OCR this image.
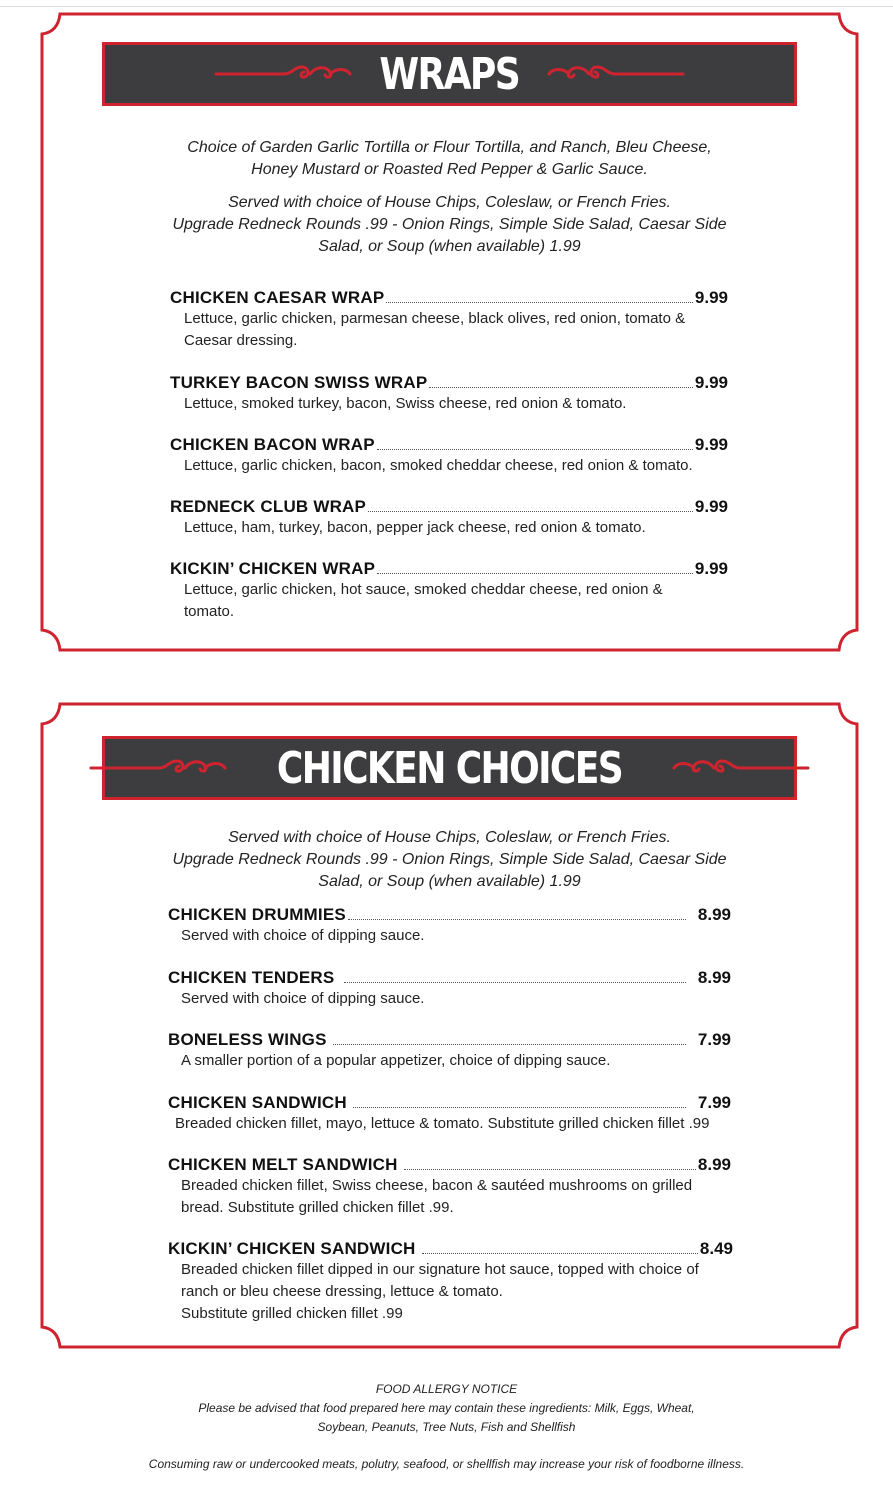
WRAPS

Choice of Garden Garlic Tortilla or Flour Tortilla, and Ranch, Bleu Cheese,

Honey Mustard or Roasted Red Pepper & Garlic Sauce.

Served with choice of House Chips, Coleslaw, or French Fries.

Upgrade Redneck Rounds .99 - Onion Rings, Simple Side Salad, Caesar Side

Salad, or Soup (when available) 1.99

CHICKEN CAESAR WRAP	9.99
Lettuce, garlic chicken, parmesan cheese, black olives, red onion, tomato &
Caesar dressing.
TURKEY BACON SWISS WRAP	9.99
Lettuce, smoked turkey, bacon, Swiss cheese, red onion & tomato.
CHICKEN BACON WRAP	9.99
Lettuce, garlic chicken, bacon, smoked cheddar cheese, red onion & tomato.
REDNECK CLUB WRAP	9.99
Lettuce, ham, turkey, bacon, pepper jack cheese, red onion & tomato.
KICKIN’ CHICKEN WRAP	9.99
Lettuce, garlic chicken, hot sauce, smoked cheddar cheese, red onion &
tomato.
CHICKEN CHOICES

Served with choice of House Chips, Coleslaw, or French Fries.

Upgrade Redneck Rounds .99 - Onion Rings, Simple Side Salad, Caesar Side

Salad, or Soup (when available) 1.99

CHICKEN DRUMMIES	8.99
Served with choice of dipping sauce.
CHICKEN TENDERS	8.99
Served with choice of dipping sauce.
BONELESS WINGS	7.99
A smaller portion of a popular appetizer, choice of dipping sauce.
CHICKEN SANDWICH	7.99
Breaded chicken fillet, mayo, lettuce & tomato. Substitute grilled chicken fillet .99
CHICKEN MELT SANDWICH	8.99
Breaded chicken fillet, Swiss cheese, bacon & sautéed mushrooms on grilled
bread. Substitute grilled chicken fillet .99.
KICKIN’ CHICKEN SANDWICH	8.49
Breaded chicken fillet dipped in our signature hot sauce, topped with choice of
ranch or bleu cheese dressing, lettuce & tomato.
Substitute grilled chicken fillet .99
FOOD ALLERGY NOTICE
Please be advised that food prepared here may contain these ingredients: Milk, Eggs, Wheat,
Soybean, Peanuts, Tree Nuts, Fish and Shellfish
Consuming raw or undercooked meats, polutry, seafood, or shellfish may increase your risk of foodborne illness.
